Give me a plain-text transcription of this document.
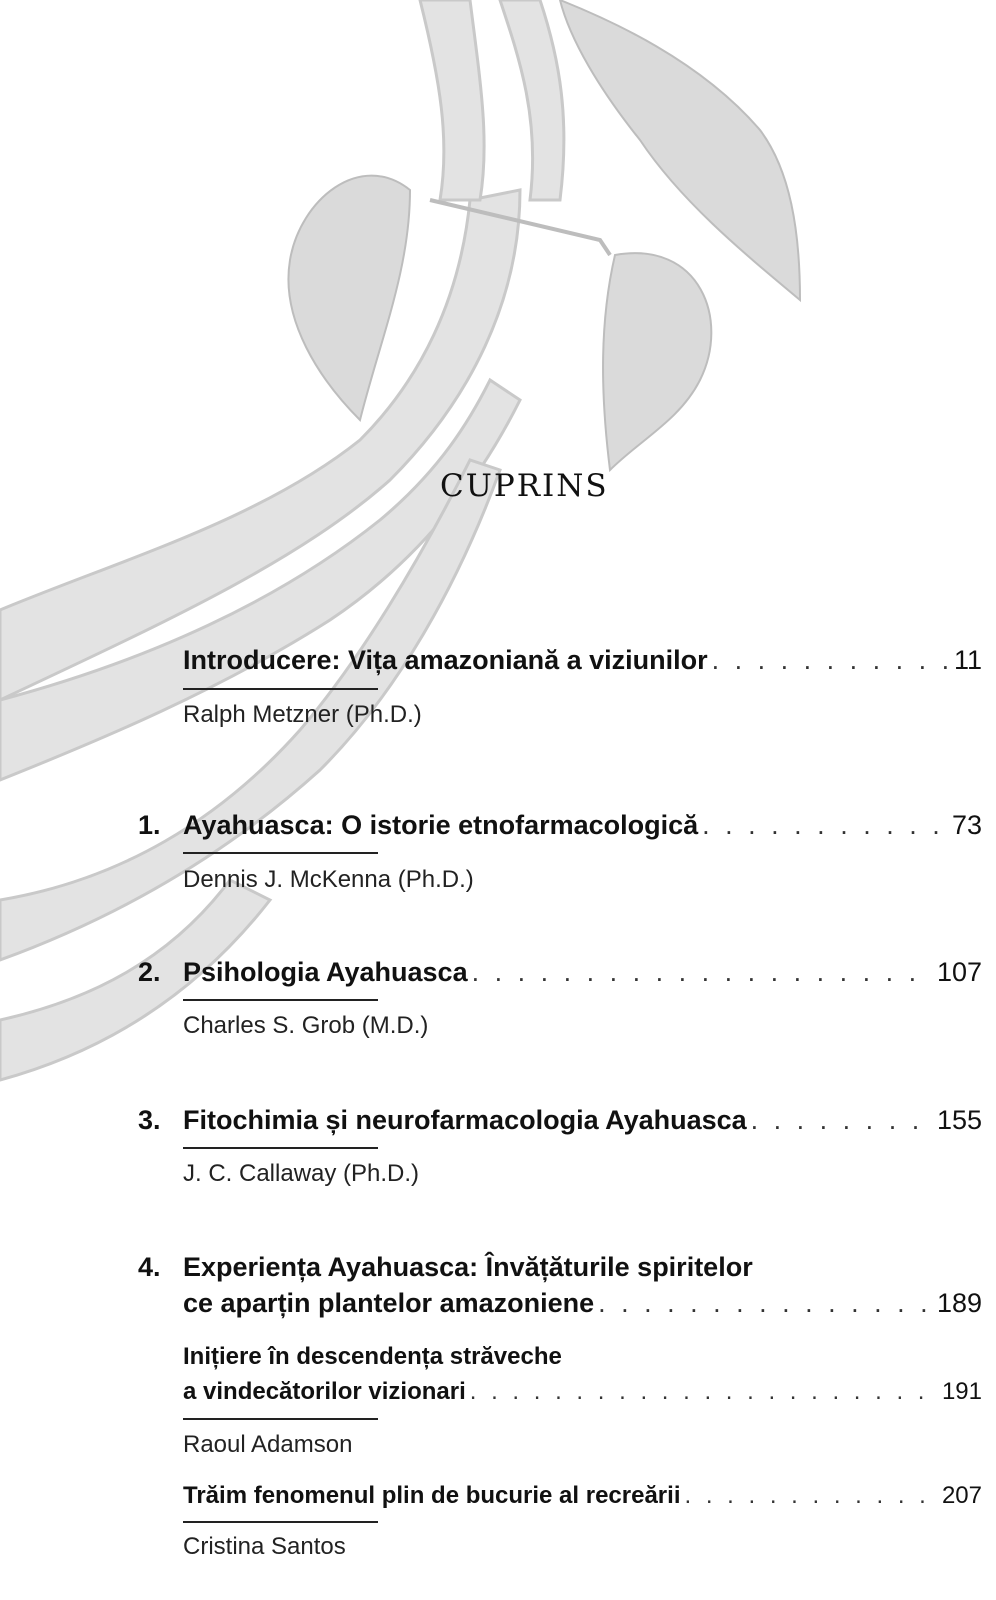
cuprins
Introducere: Vița amazoniană a viziunilor . . .	11
Ralph Metzner (Ph.D.)
1. Ayahuasca: O istorie etnofarmacologică . . .	73
Dennis J. McKenna (Ph.D.)
2. Psihologia Ayahuasca . . .	107
Charles S. Grob (M.D.)
3. Fitochimia și neurofarmacologia Ayahuasca . . .	155
J. C. Callaway (Ph.D.)
4. Experiența Ayahuasca: Învățăturile spiritelor
ce aparțin plantelor amazoniene . . .	189
Inițiere în descendența străveche
a vindecătorilor vizionari . . .	191
Raoul Adamson
Trăim fenomenul plin de bucurie al recreării . . .	207
Cristina Santos
